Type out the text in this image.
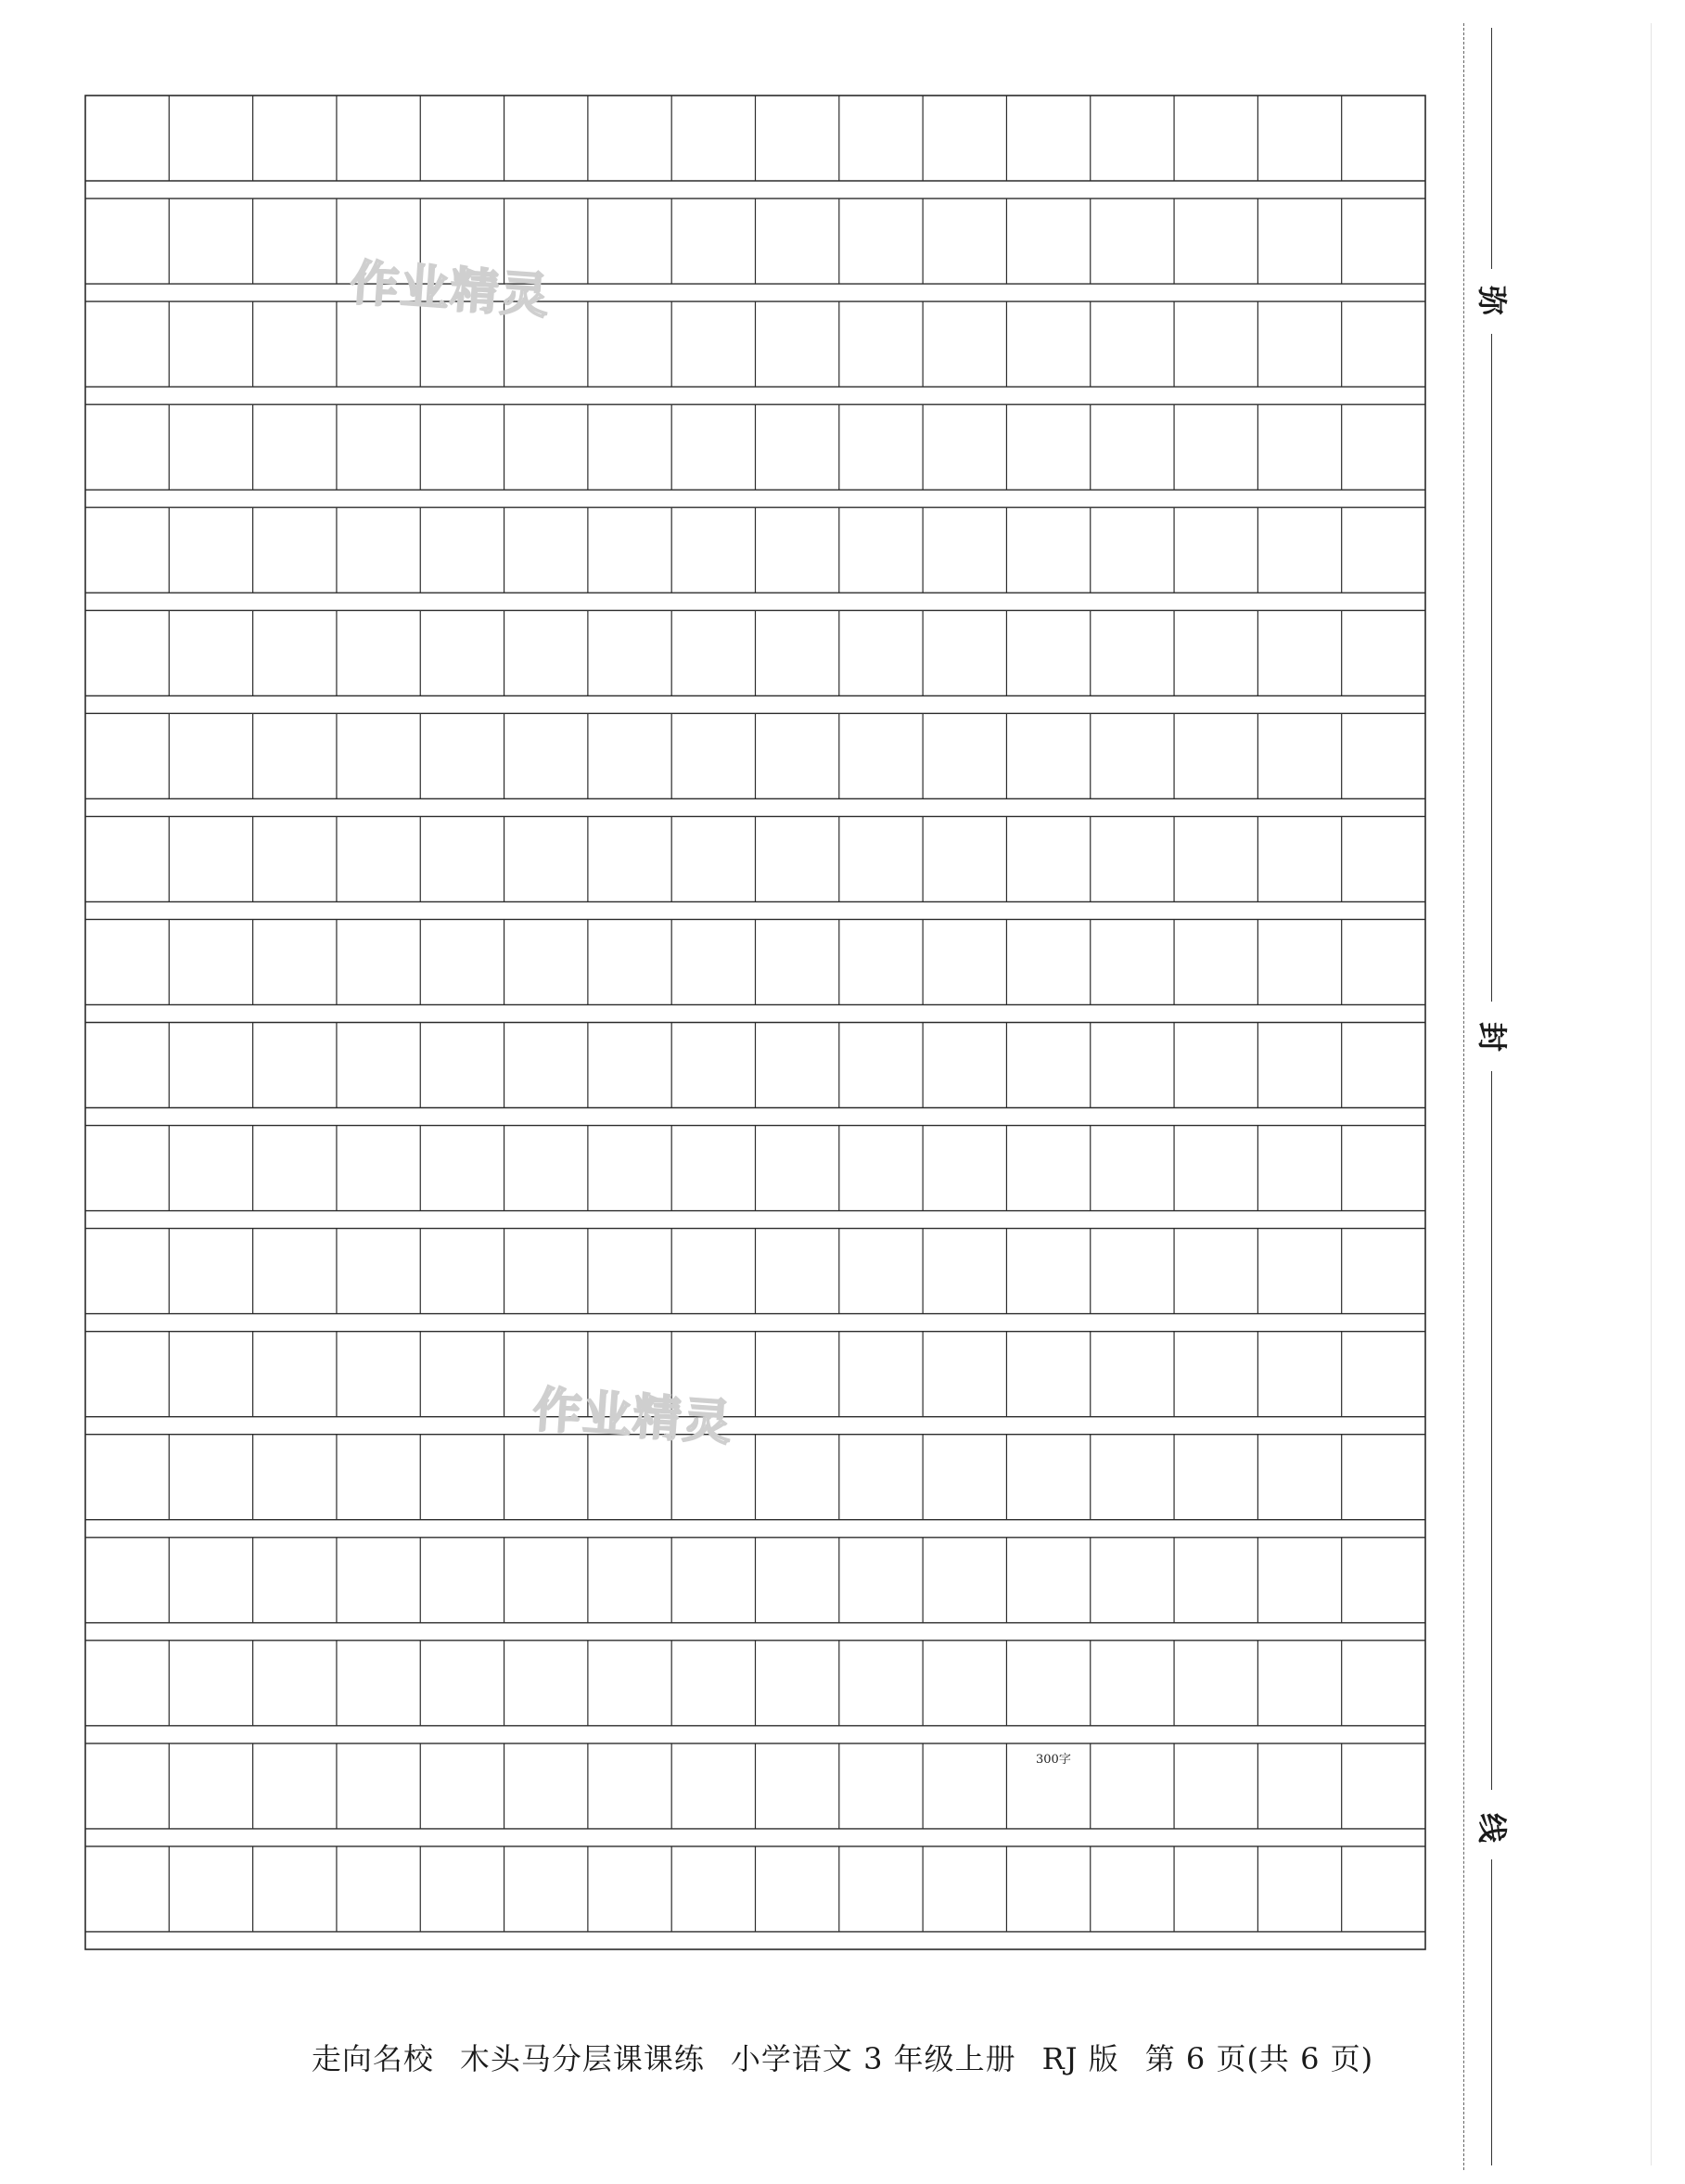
300字
作业精灵
作业精灵
弥
封
线
走向名校 木头马分层课课练 小学语文 3 年级上册 RJ 版 第 6 页(共 6 页)
